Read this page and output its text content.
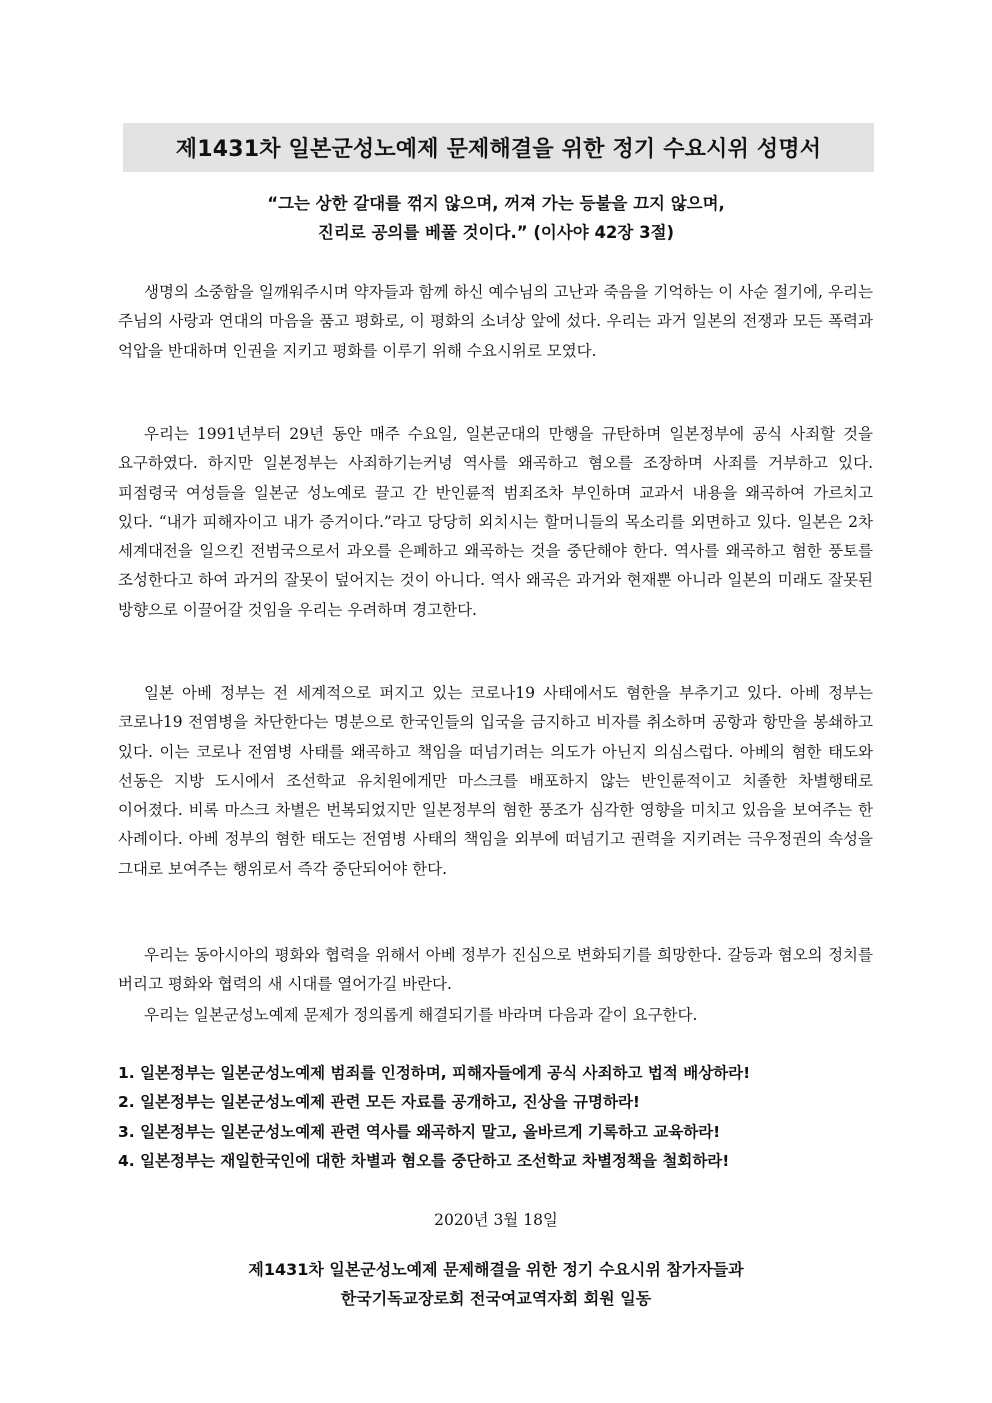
제1431차 일본군성노예제 문제해결을 위한 정기 수요시위 성명서
“그는 상한 갈대를 꺾지 않으며, 꺼져 가는 등불을 끄지 않으며,
진리로 공의를 베풀 것이다.” (이사야 42장 3절)

생명의 소중함을 일깨워주시며 약자들과 함께 하신 예수님의 고난과 죽음을 기억하는 이 사순 절기에, 우리는 주님의 사랑과 연대의 마음을 품고 평화로, 이 평화의 소녀상 앞에 섰다. 우리는 과거 일본의 전쟁과 모든 폭력과 억압을 반대하며 인권을 지키고 평화를 이루기 위해 수요시위로 모였다.

우리는 1991년부터 29년 동안 매주 수요일, 일본군대의 만행을 규탄하며 일본정부에 공식 사죄할 것을 요구하였다. 하지만 일본정부는 사죄하기는커녕 역사를 왜곡하고 혐오를 조장하며 사죄를 거부하고 있다. 피점령국 여성들을 일본군 성노예로 끌고 간 반인륜적 범죄조차 부인하며 교과서 내용을 왜곡하여 가르치고 있다. “내가 피해자이고 내가 증거이다.”라고 당당히 외치시는 할머니들의 목소리를 외면하고 있다. 일본은 2차 세계대전을 일으킨 전범국으로서 과오를 은폐하고 왜곡하는 것을 중단해야 한다. 역사를 왜곡하고 혐한 풍토를 조성한다고 하여 과거의 잘못이 덮어지는 것이 아니다. 역사 왜곡은 과거와 현재뿐 아니라 일본의 미래도 잘못된 방향으로 이끌어갈 것임을 우리는 우려하며 경고한다.

일본 아베 정부는 전 세계적으로 퍼지고 있는 코로나19 사태에서도 혐한을 부추기고 있다. 아베 정부는 코로나19 전염병을 차단한다는 명분으로 한국인들의 입국을 금지하고 비자를 취소하며 공항과 항만을 봉쇄하고 있다. 이는 코로나 전염병 사태를 왜곡하고 책임을 떠넘기려는 의도가 아닌지 의심스럽다. 아베의 혐한 태도와 선동은 지방 도시에서 조선학교 유치원에게만 마스크를 배포하지 않는 반인륜적이고 치졸한 차별행태로 이어졌다. 비록 마스크 차별은 번복되었지만 일본정부의 혐한 풍조가 심각한 영향을 미치고 있음을 보여주는 한 사례이다. 아베 정부의 혐한 태도는 전염병 사태의 책임을 외부에 떠넘기고 권력을 지키려는 극우정권의 속성을 그대로 보여주는 행위로서 즉각 중단되어야 한다.

우리는 동아시아의 평화와 협력을 위해서 아베 정부가 진심으로 변화되기를 희망한다. 갈등과 혐오의 정치를 버리고 평화와 협력의 새 시대를 열어가길 바란다.

우리는 일본군성노예제 문제가 정의롭게 해결되기를 바라며 다음과 같이 요구한다.

1. 일본정부는 일본군성노예제 범죄를 인정하며, 피해자들에게 공식 사죄하고 법적 배상하라!
2. 일본정부는 일본군성노예제 관련 모든 자료를 공개하고, 진상을 규명하라!
3. 일본정부는 일본군성노예제 관련 역사를 왜곡하지 말고, 올바르게 기록하고 교육하라!
4. 일본정부는 재일한국인에 대한 차별과 혐오를 중단하고 조선학교 차별정책을 철회하라!
2020년 3월 18일
제1431차 일본군성노예제 문제해결을 위한 정기 수요시위 참가자들과
한국기독교장로회 전국여교역자회 회원 일동
